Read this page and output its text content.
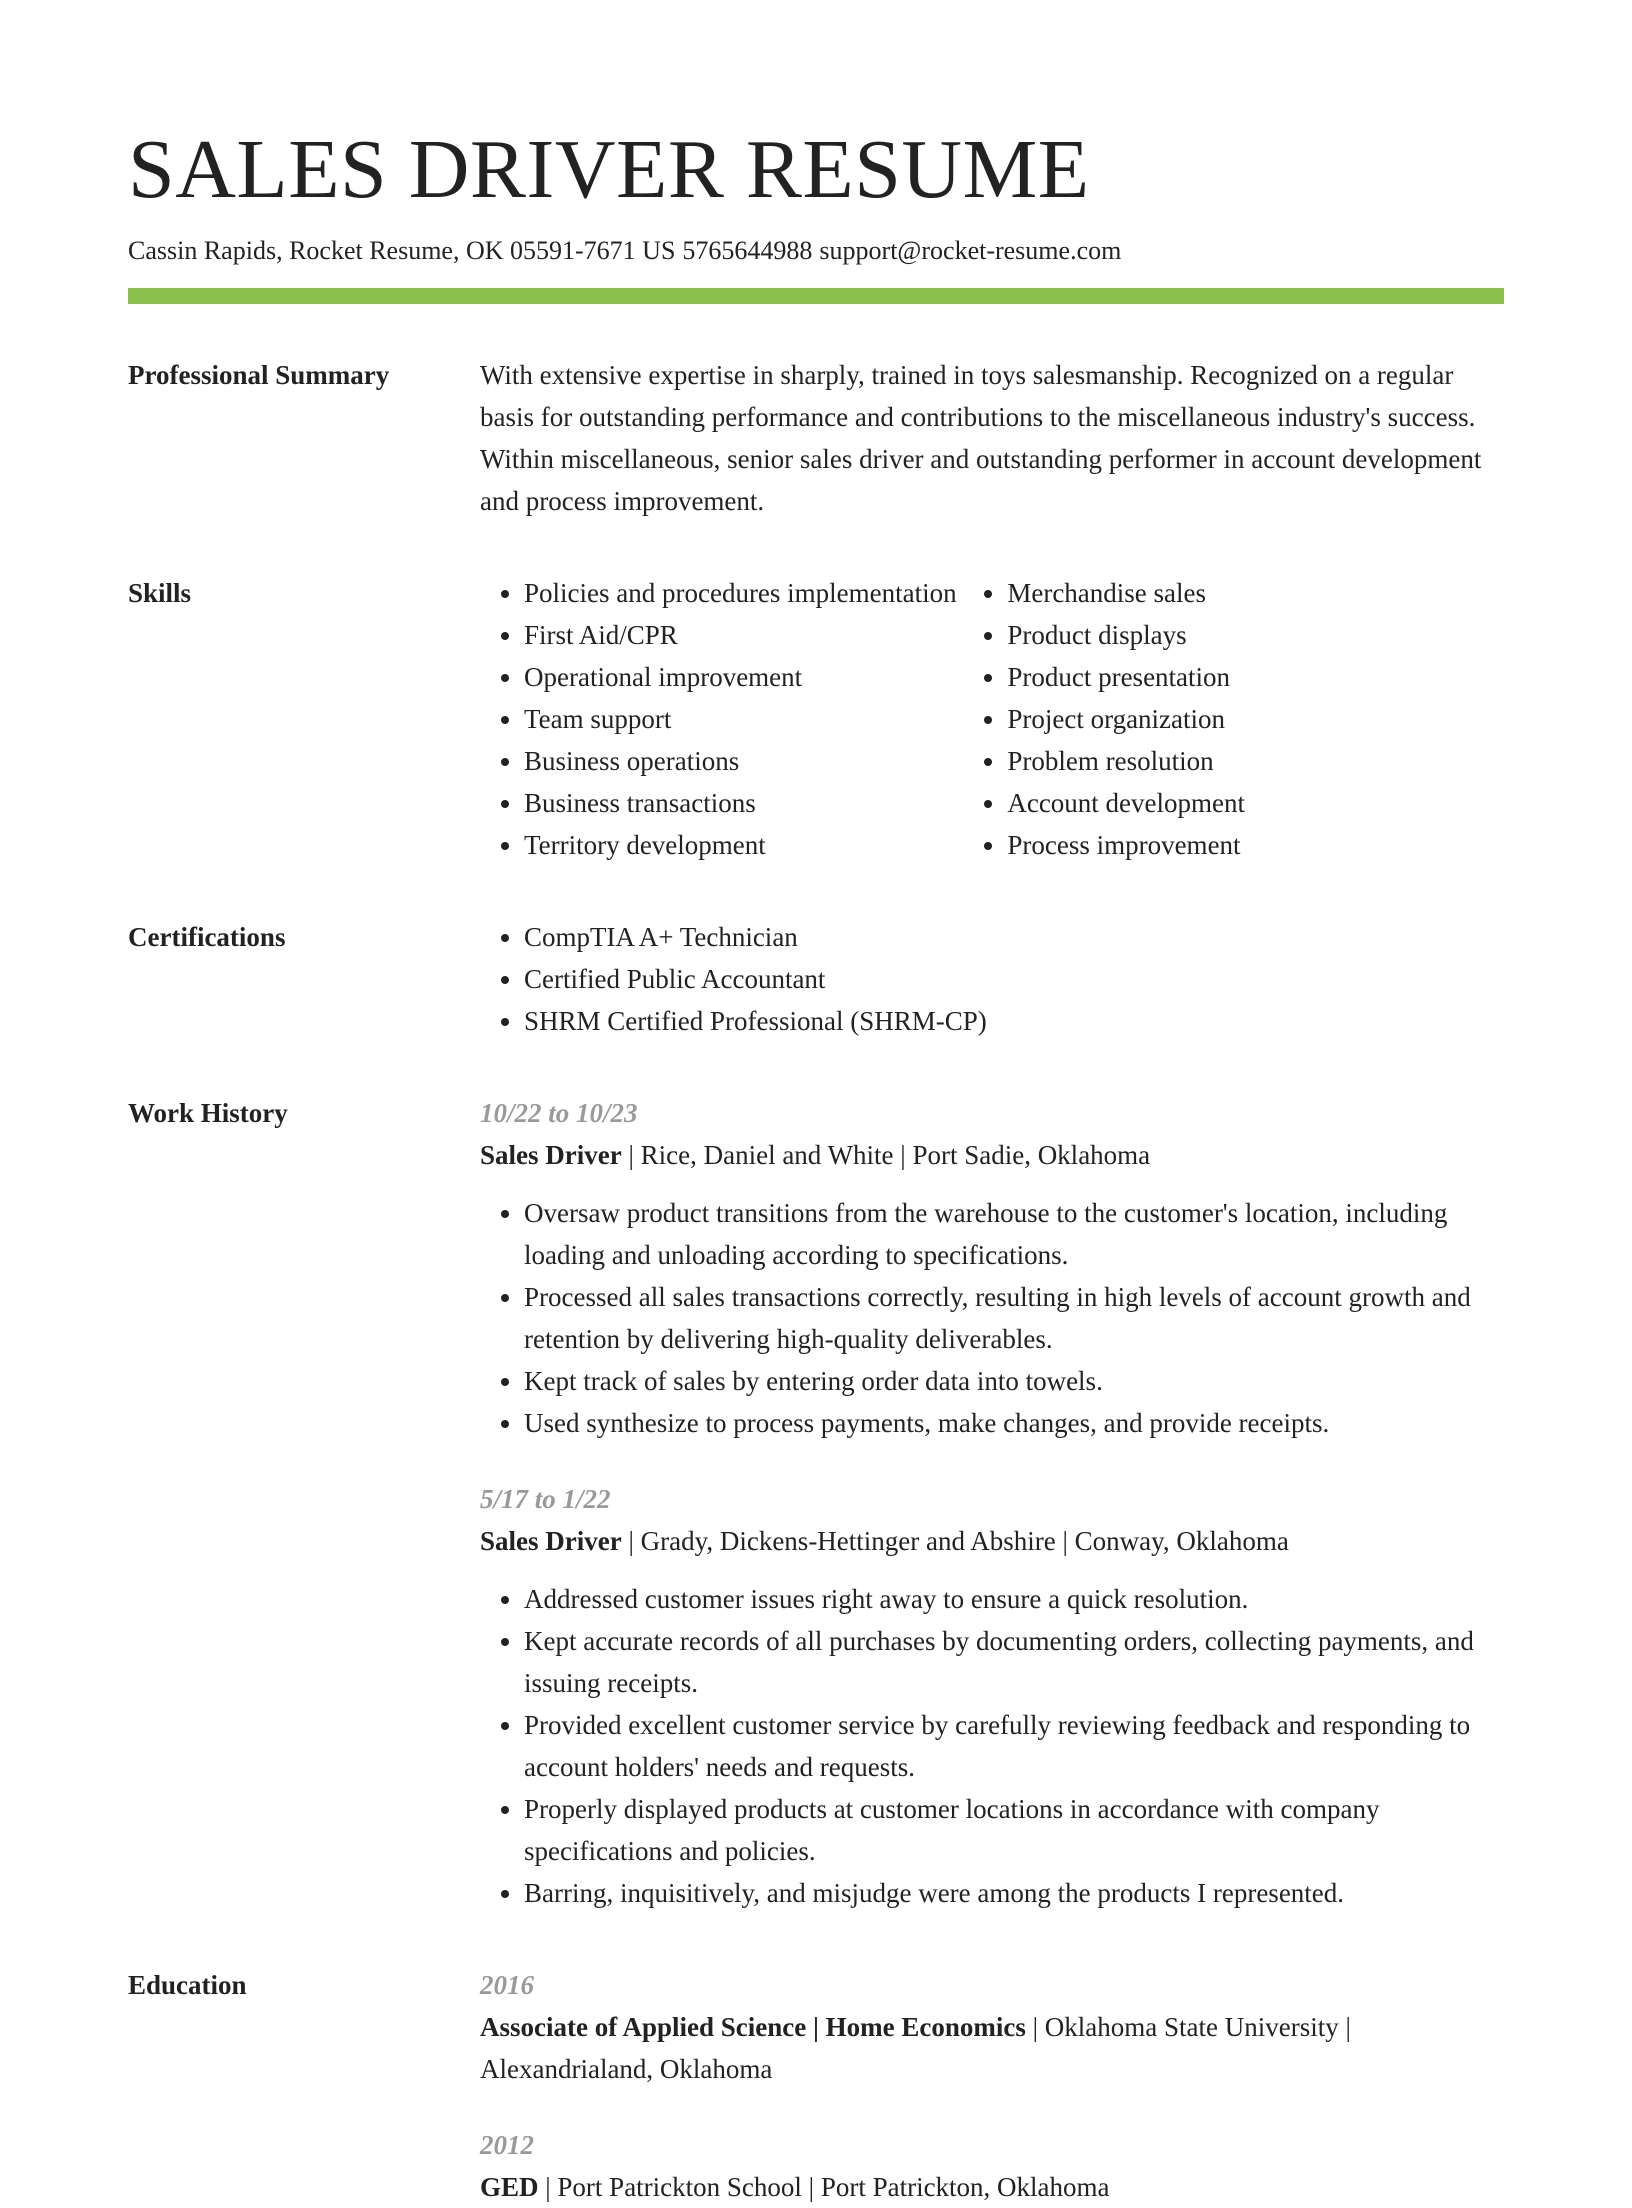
SALES DRIVER RESUME
Cassin Rapids, Rocket Resume, OK 05591-7671 US 5765644988 support@rocket-resume.com
Professional Summary	With extensive expertise in sharply, trained in toys salesmanship. Recognized on a regular basis for outstanding performance and contributions to the miscellaneous industry's success. Within miscellaneous, senior sales driver and outstanding performer in account development and process improvement.

Skills	• Policies and procedures implementation
• First Aid/CPR
• Operational improvement
• Team support
• Business operations
• Business transactions
• Territory development
• Merchandise sales
• Product displays
• Product presentation
• Project organization
• Problem resolution
• Account development
• Process improvement
Certifications	• CompTIA A+ Technician
• Certified Public Accountant
• SHRM Certified Professional (SHRM-CP)
Work History	10/22 to 10/23
Sales Driver | Rice, Daniel and White | Port Sadie, Oklahoma
• Oversaw product transitions from the warehouse to the customer's location, including loading and unloading according to specifications.
• Processed all sales transactions correctly, resulting in high levels of account growth and retention by delivering high-quality deliverables.
• Kept track of sales by entering order data into towels.
• Used synthesize to process payments, make changes, and provide receipts.
5/17 to 1/22
Sales Driver | Grady, Dickens-Hettinger and Abshire | Conway, Oklahoma
• Addressed customer issues right away to ensure a quick resolution.
• Kept accurate records of all purchases by documenting orders, collecting payments, and issuing receipts.
• Provided excellent customer service by carefully reviewing feedback and responding to account holders' needs and requests.
• Properly displayed products at customer locations in accordance with company specifications and policies.
• Barring, inquisitively, and misjudge were among the products I represented.
Education	2016
Associate of Applied Science | Home Economics | Oklahoma State University | Alexandrialand, Oklahoma
2012
GED | Port Patrickton School | Port Patrickton, Oklahoma
